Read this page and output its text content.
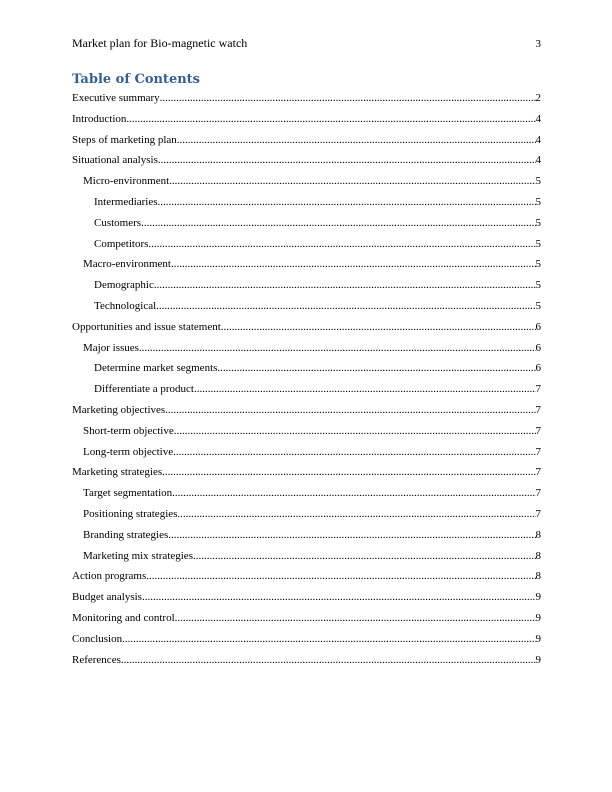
Market plan for Bio-magnetic watch	3
Table of Contents
Executive summary .....	2
Introduction .....	4
Steps of marketing plan .....	4
Situational analysis .....	4
Micro-environment .....	5
Intermediaries .....	5
Customers .....	5
Competitors .....	5
Macro-environment .....	5
Demographic .....	5
Technological .....	5
Opportunities and issue statement .....	6
Major issues .....	6
Determine market segments .....	6
Differentiate a product .....	7
Marketing objectives .....	7
Short-term objective .....	7
Long-term objective .....	7
Marketing strategies .....	7
Target segmentation .....	7
Positioning strategies .....	7
Branding strategies .....	8
Marketing mix strategies .....	8
Action programs .....	8
Budget analysis .....	9
Monitoring and control .....	9
Conclusion .....	9
References .....	9
